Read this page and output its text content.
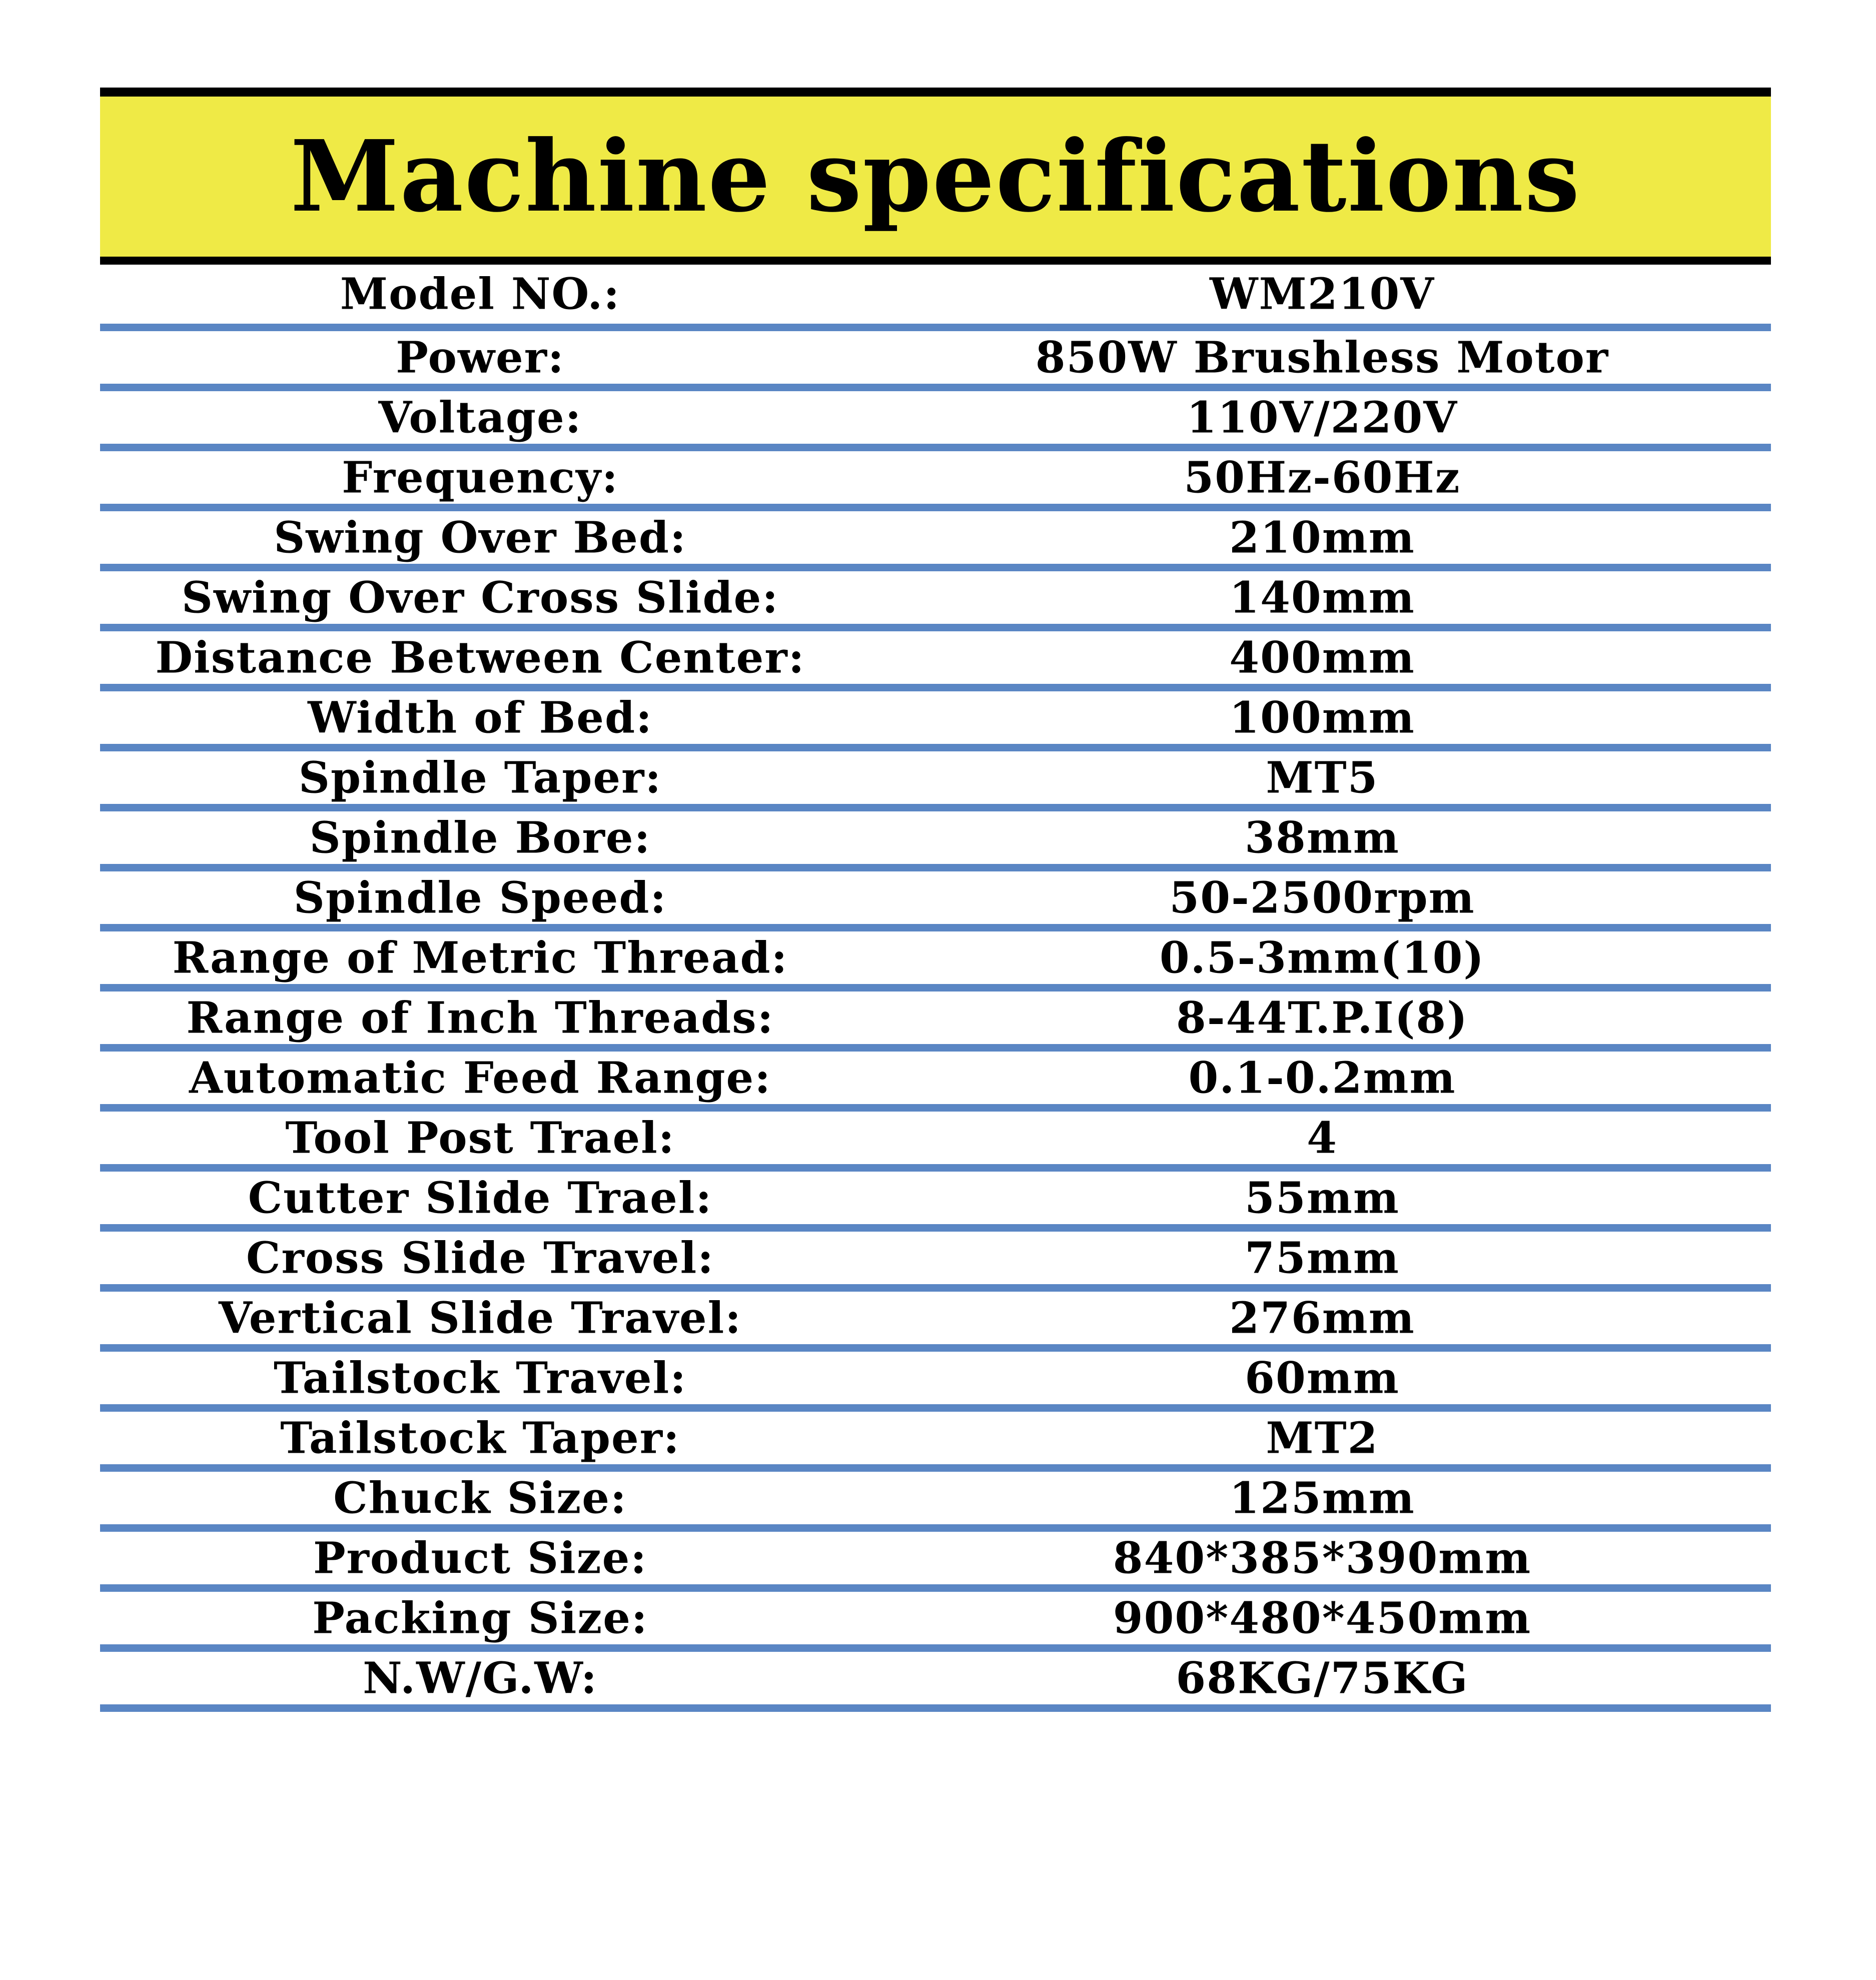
Machine specifications
Model NO.:	WM210V
Power:	850W Brushless Motor
Voltage:	110V/220V
Frequency:	50Hz-60Hz
Swing Over Bed:	210mm
Swing Over Cross Slide:	140mm
Distance Between Center:	400mm
Width of Bed:	100mm
Spindle Taper:	MT5
Spindle Bore:	38mm
Spindle Speed:	50-2500rpm
Range of Metric Thread:	0.5-3mm(10)
Range of Inch Threads:	8-44T.P.I(8)
Automatic Feed Range:	0.1-0.2mm
Tool Post Trael:	4
Cutter Slide Trael:	55mm
Cross Slide Travel:	75mm
Vertical Slide Travel:	276mm
Tailstock Travel:	60mm
Tailstock Taper:	MT2
Chuck Size:	125mm
Product Size:	840*385*390mm
Packing Size:	900*480*450mm
N.W/G.W:	68KG/75KG
